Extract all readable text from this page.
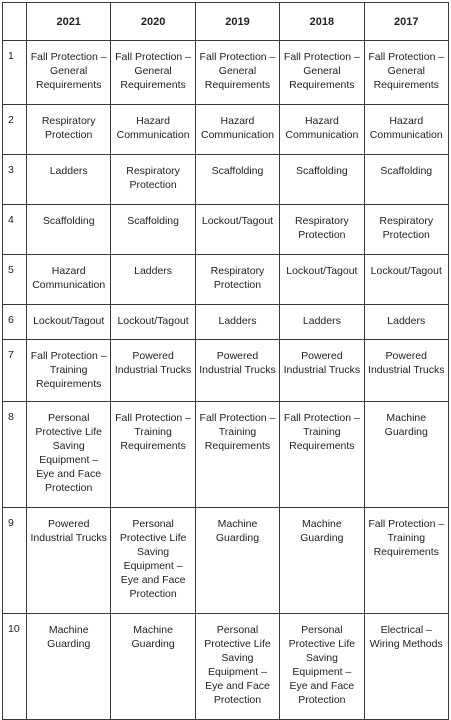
	2021	2020	2019	2018	2017
1	Fall Protection – General Requirements	Fall Protection – General Requirements	Fall Protection – General Requirements	Fall Protection – General Requirements	Fall Protection – General Requirements
2	Respiratory Protection	Hazard Communication	Hazard Communication	Hazard Communication	Hazard Communication
3	Ladders	Respiratory Protection	Scaffolding	Scaffolding	Scaffolding
4	Scaffolding	Scaffolding	Lockout/Tagout	Respiratory Protection	Respiratory Protection
5	Hazard Communication	Ladders	Respiratory Protection	Lockout/Tagout	Lockout/Tagout
6	Lockout/Tagout	Lockout/Tagout	Ladders	Ladders	Ladders
7	Fall Protection – Training Requirements	Powered Industrial Trucks	Powered Industrial Trucks	Powered Industrial Trucks	Powered Industrial Trucks
8	Personal Protective Life Saving Equipment – Eye and Face Protection	Fall Protection – Training Requirements	Fall Protection – Training Requirements	Fall Protection – Training Requirements	Machine Guarding
9	Powered Industrial Trucks	Personal Protective Life Saving Equipment – Eye and Face Protection	Machine Guarding	Machine Guarding	Fall Protection – Training Requirements
10	Machine Guarding	Machine Guarding	Personal Protective Life Saving Equipment – Eye and Face Protection	Personal Protective Life Saving Equipment – Eye and Face Protection	Electrical – Wiring Methods
